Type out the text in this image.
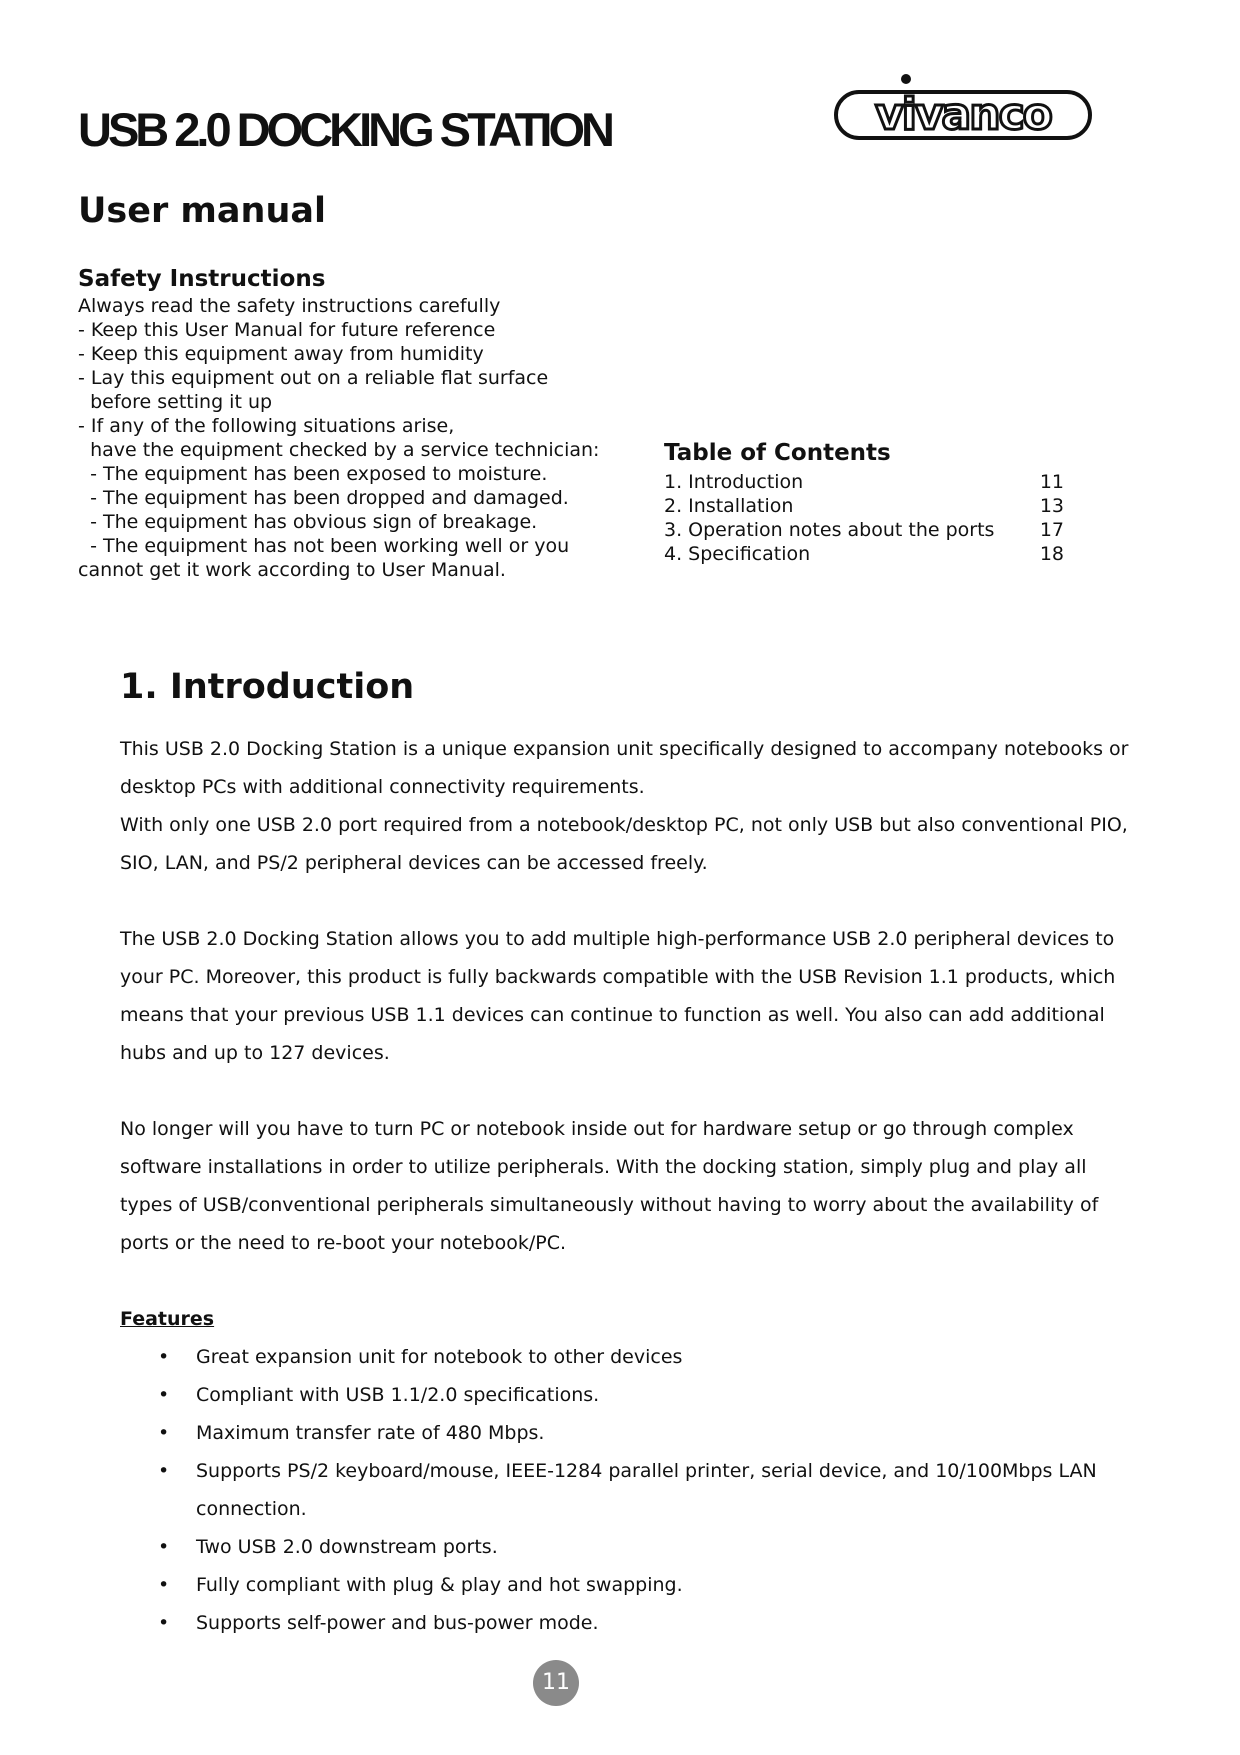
USB 2.0 DOCKING STATION	vivanco
User manual
Safety Instructions
Always read the safety instructions carefully
- Keep this User Manual for future reference
- Keep this equipment away from humidity
- Lay this equipment out on a reliable flat surface
before setting it up
- If any of the following situations arise,
have the equipment checked by a service technician:
- The equipment has been exposed to moisture.
- The equipment has been dropped and damaged.
- The equipment has obvious sign of breakage.
- The equipment has not been working well or you
cannot get it work according to User Manual.
Table of Contents
1. Introduction	11
2. Installation	13
3. Operation notes about the ports 17
4. Specification	18
1. Introduction

This USB 2.0 Docking Station is a unique expansion unit specifically designed to accompany notebooks or desktop PCs with additional connectivity requirements.

With only one USB 2.0 port required from a notebook/desktop PC, not only USB but also conventional PIO, SIO, LAN, and PS/2 peripheral devices can be accessed freely.

The USB 2.0 Docking Station allows you to add multiple high-performance USB 2.0 peripheral devices to your PC. Moreover, this product is fully backwards compatible with the USB Revision 1.1 products, which means that your previous USB 1.1 devices can continue to function as well. You also can add additional hubs and up to 127 devices.

No longer will you have to turn PC or notebook inside out for hardware setup or go through complex software installations in order to utilize peripherals. With the docking station, simply plug and play all types of USB/conventional peripherals simultaneously without having to worry about the availability of ports or the need to re-boot your notebook/PC.

Features
• Great expansion unit for notebook to other devices
• Compliant with USB 1.1/2.0 specifications.
• Maximum transfer rate of 480 Mbps.
• Supports PS/2 keyboard/mouse, IEEE-1284 parallel printer, serial device, and 10/100Mbps LAN connection.
• Two USB 2.0 downstream ports.
• Fully compliant with plug & play and hot swapping.
• Supports self-power and bus-power mode.
11
